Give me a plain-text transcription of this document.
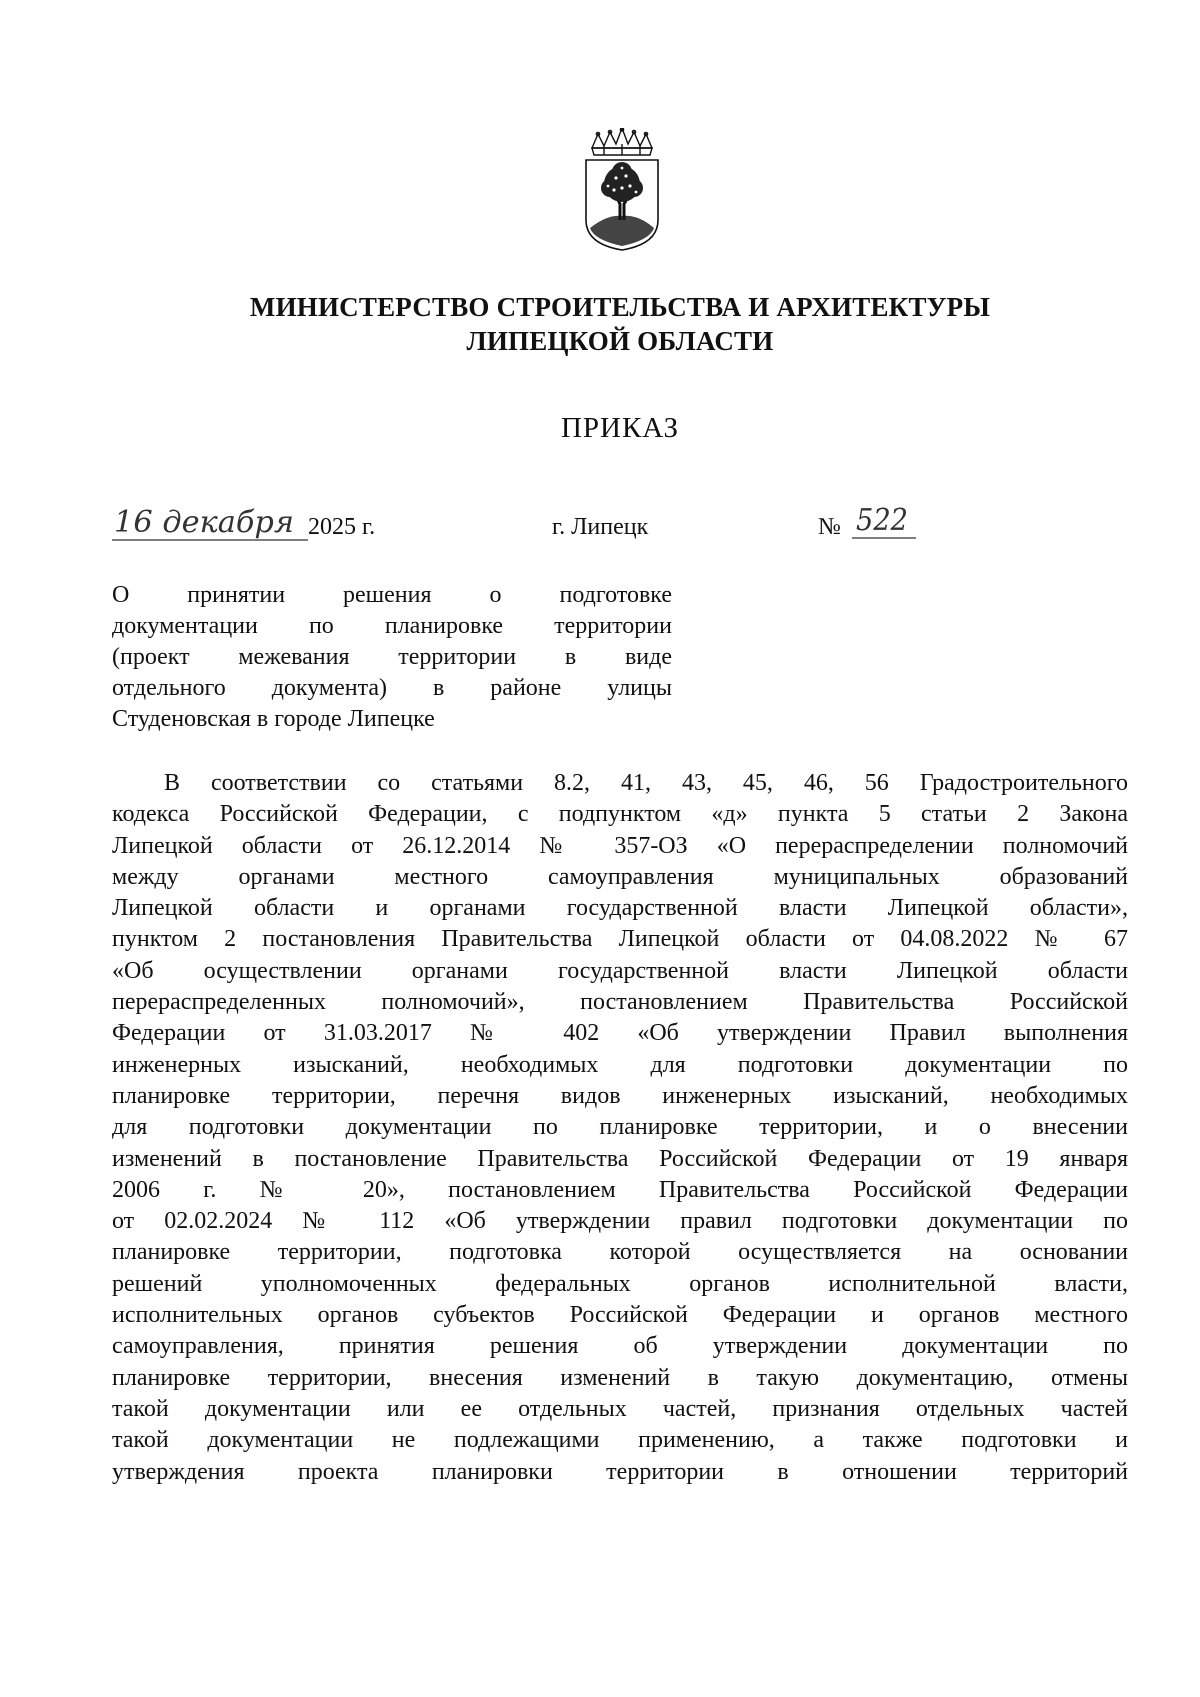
МИНИСТЕРСТВО СТРОИТЕЛЬСТВА И АРХИТЕКТУРЫ
ЛИПЕЦКОЙ ОБЛАСТИ
ПРИКАЗ
16 декабря 2025 г.	г. Липецк	№ 522
О принятии решения о подготовке
документации по планировке территории
(проект межевания территории в виде
отдельного документа) в районе улицы
Студеновская в городе Липецке
В соответствии со статьями 8.2, 41, 43, 45, 46, 56 Градостроительного
кодекса Российской Федерации, с подпунктом «д» пункта 5 статьи 2 Закона
Липецкой области от 26.12.2014 № 357-ОЗ «О перераспределении полномочий
между органами местного самоуправления муниципальных образований
Липецкой области и органами государственной власти Липецкой области»,
пунктом 2 постановления Правительства Липецкой области от 04.08.2022 № 67
«Об осуществлении органами государственной власти Липецкой области
перераспределенных полномочий», постановлением Правительства Российской
Федерации от 31.03.2017 № 402 «Об утверждении Правил выполнения
инженерных изысканий, необходимых для подготовки документации по
планировке территории, перечня видов инженерных изысканий, необходимых
для подготовки документации по планировке территории, и о внесении
изменений в постановление Правительства Российской Федерации от 19 января
2006 г. № 20», постановлением Правительства Российской Федерации
от 02.02.2024 № 112 «Об утверждении правил подготовки документации по
планировке территории, подготовка которой осуществляется на основании
решений уполномоченных федеральных органов исполнительной власти,
исполнительных органов субъектов Российской Федерации и органов местного
самоуправления, принятия решения об утверждении документации по
планировке территории, внесения изменений в такую документацию, отмены
такой документации или ее отдельных частей, признания отдельных частей
такой документации не подлежащими применению, а также подготовки и
утверждения проекта планировки территории в отношении территорий
